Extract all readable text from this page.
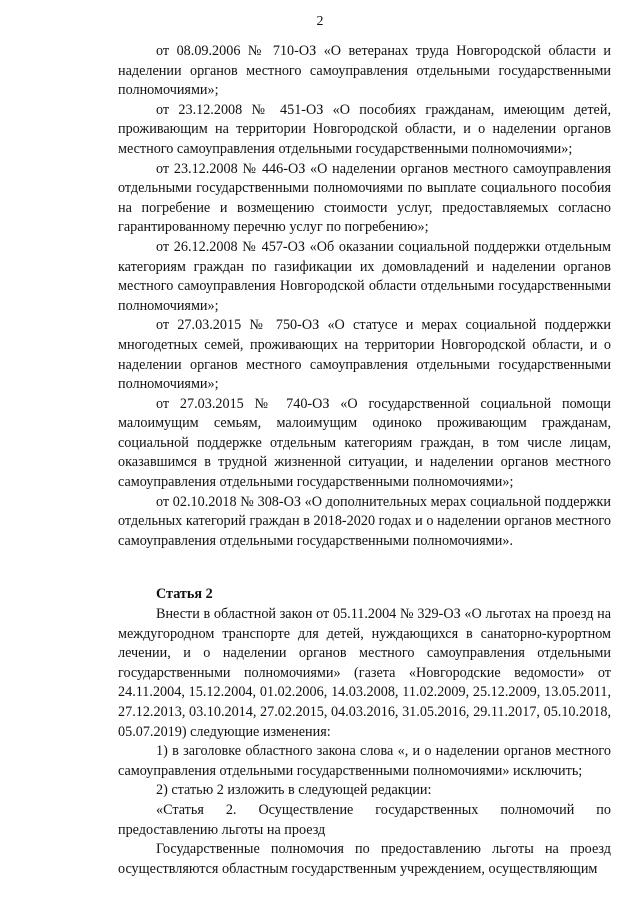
2

от 08.09.2006 № 710-ОЗ «О ветеранах труда Новгородской области и наделении органов местного самоуправления отдельными государственными полномочиями»;

от 23.12.2008 № 451-ОЗ «О пособиях гражданам, имеющим детей, проживающим на территории Новгородской области, и о наделении органов местного самоуправления отдельными государственными полномочиями»;

от 23.12.2008 № 446-ОЗ «О наделении органов местного самоуправления отдельными государственными полномочиями по выплате социального пособия на погребение и возмещению стоимости услуг, предоставляемых согласно гарантированному перечню услуг по погребению»;

от 26.12.2008 № 457-ОЗ «Об оказании социальной поддержки отдельным категориям граждан по газификации их домовладений и наделении органов местного самоуправления Новгородской области отдельными государственными полномочиями»;

от 27.03.2015 № 750-ОЗ «О статусе и мерах социальной поддержки многодетных семей, проживающих на территории Новгородской области, и о наделении органов местного самоуправления отдельными государственными полномочиями»;

от 27.03.2015 № 740-ОЗ «О государственной социальной помощи малоимущим семьям, малоимущим одиноко проживающим гражданам, социальной поддержке отдельным категориям граждан, в том числе лицам, оказавшимся в трудной жизненной ситуации, и наделении органов местного самоуправления отдельными государственными полномочиями»;

от 02.10.2018 № 308-ОЗ «О дополнительных мерах социальной поддержки отдельных категорий граждан в 2018-2020 годах и о наделении органов местного самоуправления отдельными государственными полномочиями».

Статья 2

Внести в областной закон от 05.11.2004 № 329-ОЗ «О льготах на проезд на междугородном транспорте для детей, нуждающихся в санаторно-курортном лечении, и о наделении органов местного самоуправления отдельными государственными полномочиями» (газета «Новгородские ведомости» от 24.11.2004, 15.12.2004, 01.02.2006, 14.03.2008, 11.02.2009, 25.12.2009, 13.05.2011, 27.12.2013, 03.10.2014, 27.02.2015, 04.03.2016, 31.05.2016, 29.11.2017, 05.10.2018, 05.07.2019) следующие изменения:

1) в заголовке областного закона слова «, и о наделении органов местного самоуправления отдельными государственными полномочиями» исключить;

2) статью 2 изложить в следующей редакции:

«Статья 2. Осуществление государственных полномочий по предоставлению льготы на проезд

Государственные полномочия по предоставлению льготы на проезд осуществляются областным государственным учреждением, осуществляющим
